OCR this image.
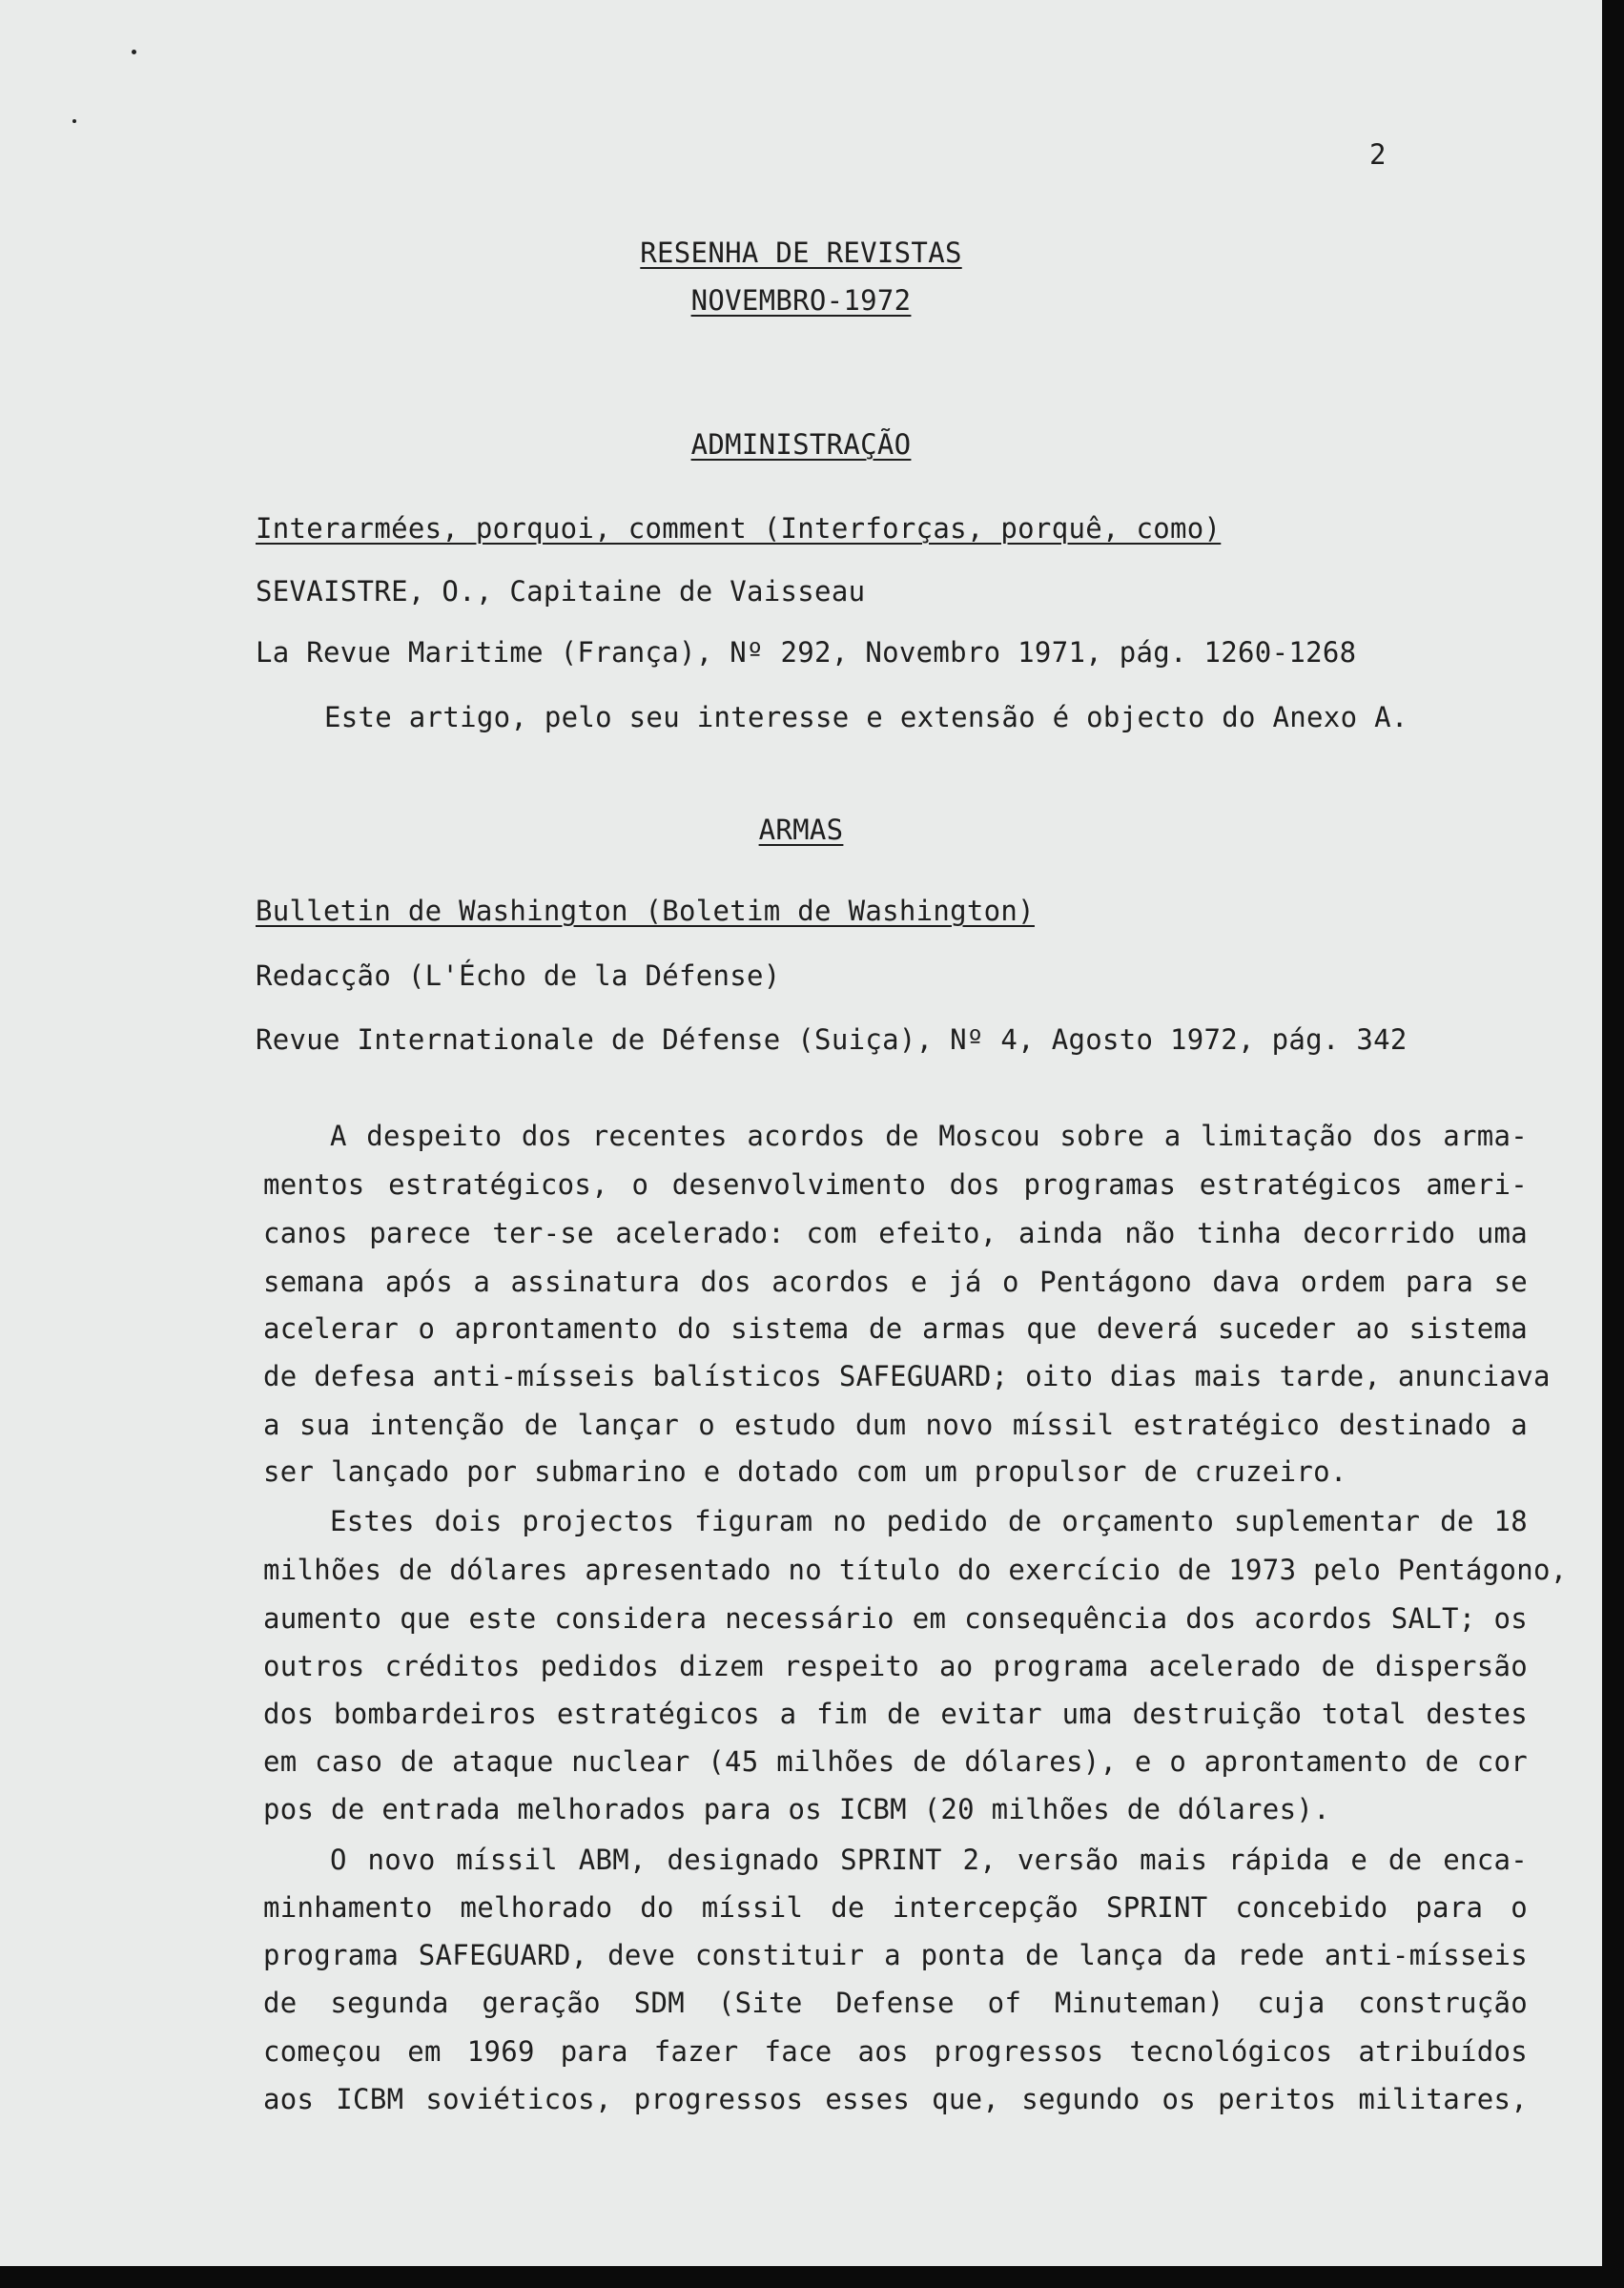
2
RESENHA DE REVISTAS
NOVEMBRO-1972
ADMINISTRAÇÃO
Interarmées, porquoi, comment (Interforças, porquê, como)
SEVAISTRE, O., Capitaine de Vaisseau
La Revue Maritime (França), Nº 292, Novembro 1971, pág. 1260-1268
Este artigo, pelo seu interesse e extensão é objecto do Anexo A.
ARMAS
Bulletin de Washington (Boletim de Washington)
Redacção (L'Écho de la Défense)
Revue Internationale de Défense (Suiça), Nº 4, Agosto 1972, pág. 342
A despeito dos recentes acordos de Moscou sobre a limitação dos arma-
mentos estratégicos, o desenvolvimento dos programas estratégicos ameri-
canos parece ter-se acelerado: com efeito, ainda não tinha decorrido uma
semana após a assinatura dos acordos e já o Pentágono dava ordem para se
acelerar o aprontamento do sistema de armas que deverá suceder ao sistema
de defesa anti-mísseis balísticos SAFEGUARD; oito dias mais tarde, anunciava
a sua intenção de lançar o estudo dum novo míssil estratégico destinado a
ser lançado por submarino e dotado com um propulsor de cruzeiro.
Estes dois projectos figuram no pedido de orçamento suplementar de 18
milhões de dólares apresentado no título do exercício de 1973 pelo Pentágono,
aumento que este considera necessário em consequência dos acordos SALT; os
outros créditos pedidos dizem respeito ao programa acelerado de dispersão
dos bombardeiros estratégicos a fim de evitar uma destruição total destes
em caso de ataque nuclear (45 milhões de dólares), e o aprontamento de cor
pos de entrada melhorados para os ICBM (20 milhões de dólares).
O novo míssil ABM, designado SPRINT 2, versão mais rápida e de enca-
minhamento melhorado do míssil de intercepção SPRINT concebido para o
programa SAFEGUARD, deve constituir a ponta de lança da rede anti-mísseis
de segunda geração SDM (Site Defense of Minuteman) cuja construção
começou em 1969 para fazer face aos progressos tecnológicos atribuídos
aos ICBM soviéticos, progressos esses que, segundo os peritos militares,
